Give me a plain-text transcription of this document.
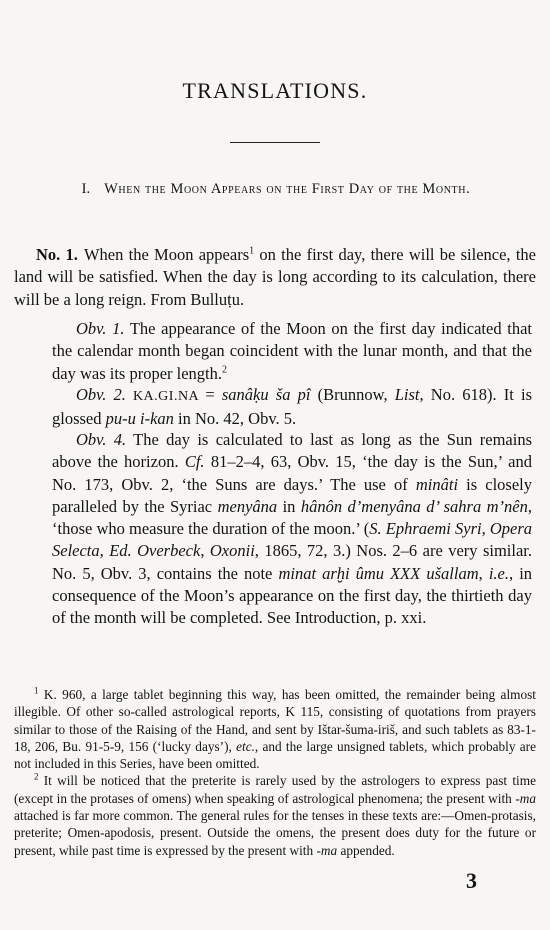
TRANSLATIONS.
I. When the Moon Appears on the First Day of the Month.
No. 1. When the Moon appears$^1$ on the first day, there will be silence, the land will be satisfied. When the day is long according to its calculation, there will be a long reign. From Bulluṭu.
Obv. 1. The appearance of the Moon on the first day indicated that the calendar month began coincident with the lunar month, and that the day was its proper length.$^2$
Obv. 2. KA.GI.NA = sanâḳu ša pî (Brunnow, List, No. 618). It is glossed pu-u i-kan in No. 42, Obv. 5.
Obv. 4. The day is calculated to last as long as the Sun remains above the horizon. Cf. 81–2–4, 63, Obv. 15, ‘the day is the Sun,’ and No. 173, Obv. 2, ‘the Suns are days.’ The use of minâti is closely paralleled by the Syriac menyâna in hânôn d’menyâna d’ sahra m’nên, ‘those who measure the duration of the moon.’ (S. Ephraemi Syri, Opera Selecta, Ed. Overbeck, Oxonii, 1865, 72, 3.) Nos. 2–6 are very similar. No. 5, Obv. 3, contains the note minat arḫi ûmu XXX ušallam, i.e., in consequence of the Moon’s appearance on the first day, the thirtieth day of the month will be completed. See Introduction, p. xxi.

$^1$ K. 960, a large tablet beginning this way, has been omitted, the remainder being almost illegible. Of other so-called astrological reports, K 115, consisting of quotations from prayers similar to those of the Raising of the Hand, and sent by Ištar-šuma-iriš, and such tablets as 83-1-18, 206, Bu. 91-5-9, 156 (‘lucky days’), etc., and the large unsigned tablets, which probably are not included in this Series, have been omitted.

$^2$ It will be noticed that the preterite is rarely used by the astrologers to express past time (except in the protases of omens) when speaking of astrological phenomena; the present with -ma attached is far more common. The general rules for the tenses in these texts are:—Omen-protasis, preterite; Omen-apodosis, present. Outside the omens, the present does duty for the future or present, while past time is expressed by the present with -ma appended.

3
